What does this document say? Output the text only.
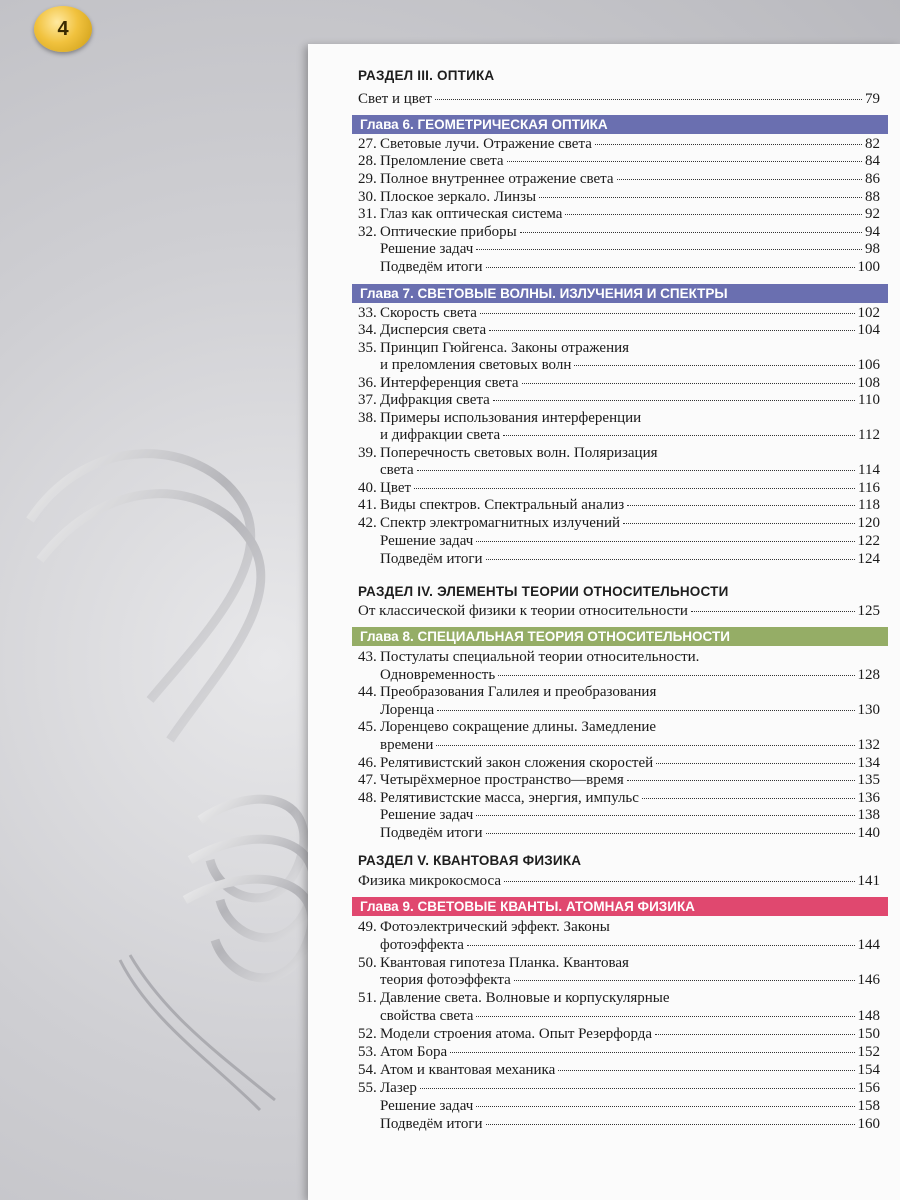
4
РАЗДЕЛ III. ОПТИКА
Свет и цвет	79
Глава 6. ГЕОМЕТРИЧЕСКАЯ ОПТИКА
27. Световые лучи. Отражение света	82
28. Преломление света	84
29. Полное внутреннее отражение света	86
30. Плоское зеркало. Линзы	88
31. Глаз как оптическая система	92
32. Оптические приборы	94
Решение задач	98
Подведём итоги	100
Глава 7. СВЕТОВЫЕ ВОЛНЫ. ИЗЛУЧЕНИЯ И СПЕКТРЫ
33. Скорость света	102
34. Дисперсия света	104
35. Принцип Гюйгенса. Законы отражения
и преломления световых волн	106
36. Интерференция света	108
37. Дифракция света	110
38. Примеры использования интерференции
и дифракции света	112
39. Поперечность световых волн. Поляризация
света	114
40. Цвет	116
41. Виды спектров. Спектральный анализ	118
42. Спектр электромагнитных излучений	120
Решение задач	122
Подведём итоги	124
РАЗДЕЛ IV. ЭЛЕМЕНТЫ ТЕОРИИ ОТНОСИТЕЛЬНОСТИ
От классической физики к теории относительности	125
Глава 8. СПЕЦИАЛЬНАЯ ТЕОРИЯ ОТНОСИТЕЛЬНОСТИ
43. Постулаты специальной теории относительности.
Одновременность	128
44. Преобразования Галилея и преобразования
Лоренца	130
45. Лоренцево сокращение длины. Замедление
времени	132
46. Релятивистский закон сложения скоростей	134
47. Четырёхмерное пространство—время	135
48. Релятивистские масса, энергия, импульс	136
Решение задач	138
Подведём итоги	140
РАЗДЕЛ V. КВАНТОВАЯ ФИЗИКА
Физика микрокосмоса	141
Глава 9. СВЕТОВЫЕ КВАНТЫ. АТОМНАЯ ФИЗИКА
49. Фотоэлектрический эффект. Законы
фотоэффекта	144
50. Квантовая гипотеза Планка. Квантовая
теория фотоэффекта	146
51. Давление света. Волновые и корпускулярные
свойства света	148
52. Модели строения атома. Опыт Резерфорда	150
53. Атом Бора	152
54. Атом и квантовая механика	154
55. Лазер	156
Решение задач	158
Подведём итоги	160
